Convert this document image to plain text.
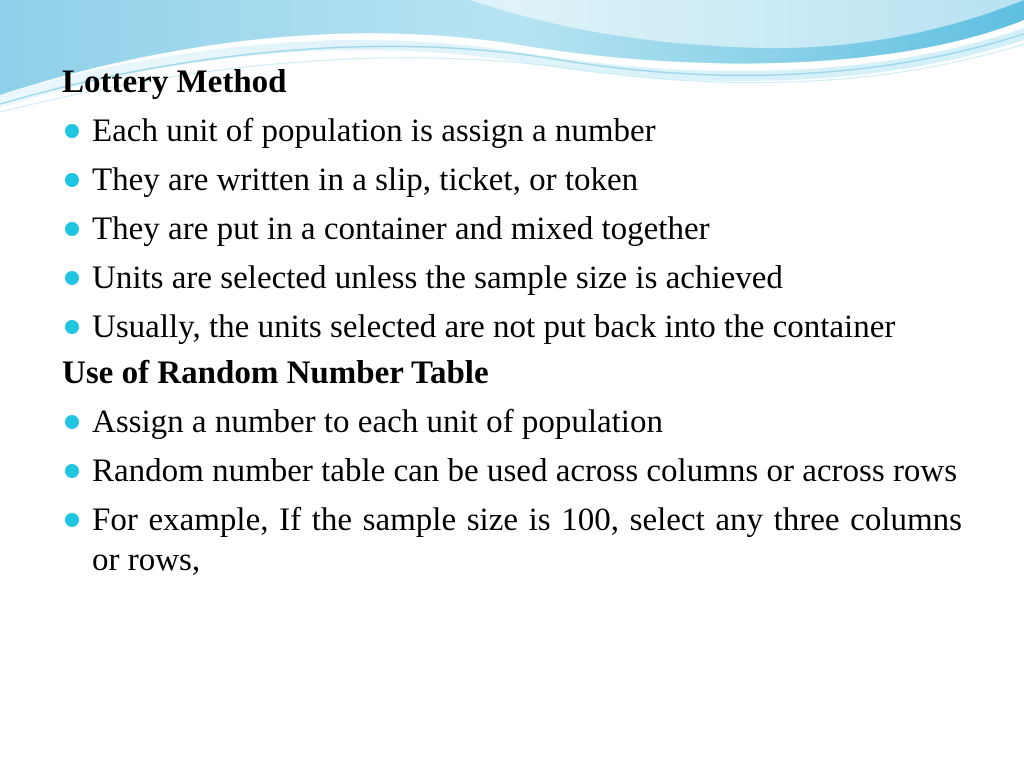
Lottery Method
Each unit of population is assign a number
They are written in a slip, ticket, or token
They are put in a container and mixed together
Units are selected unless the sample size is achieved
Usually, the units selected are not put back into the container
Use of Random Number Table
Assign a number to each unit of population
Random number table can be used across columns or across rows
For example, If the sample size is 100, select any three columns or rows,
